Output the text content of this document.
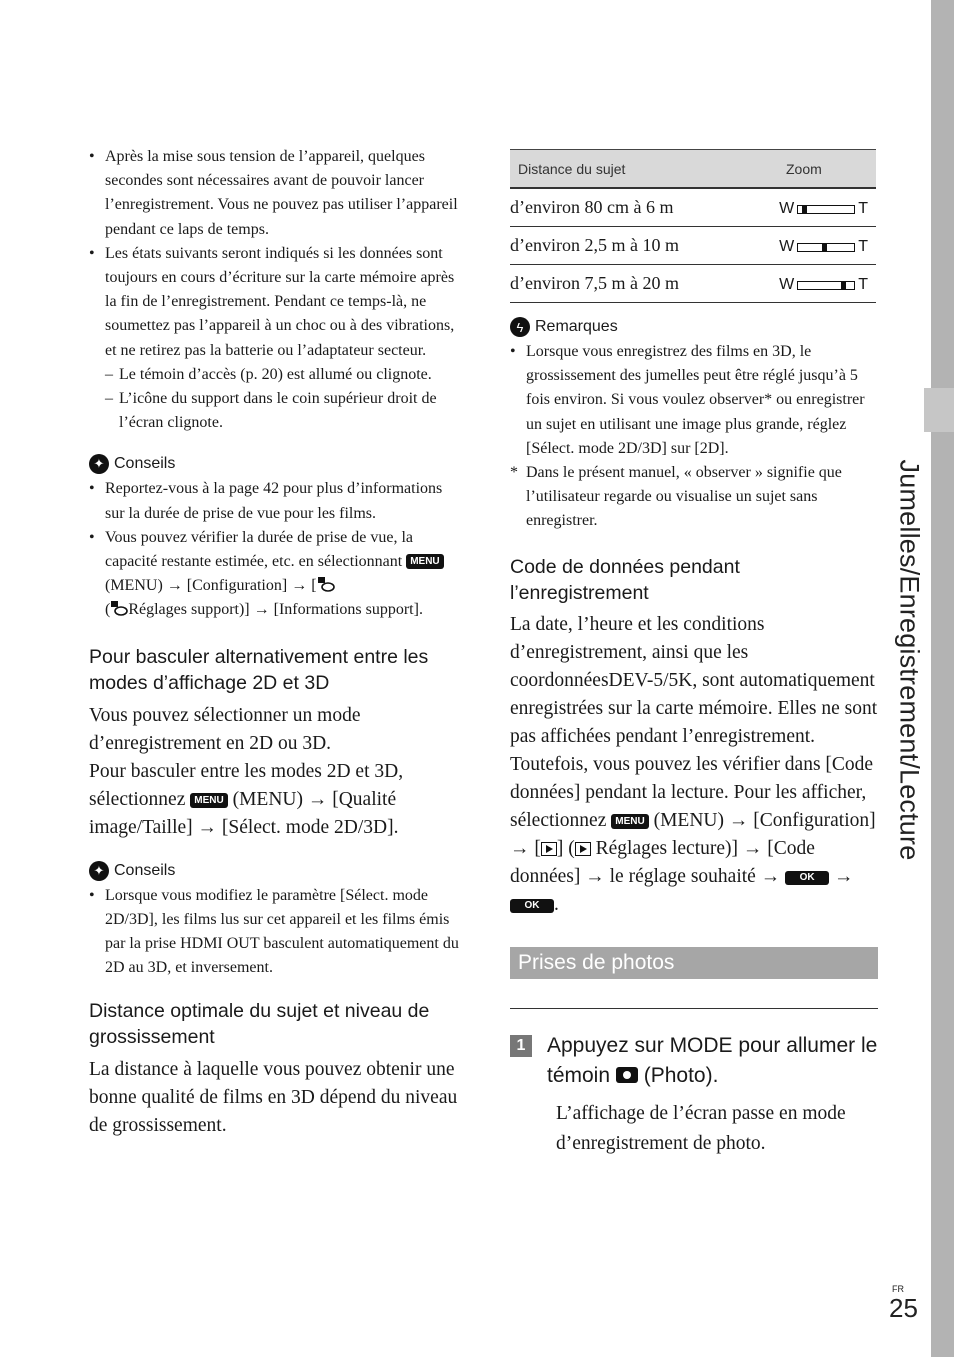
Jumelles/Enregistrement/Lecture
• Après la mise sous tension de l’appareil, quelques secondes sont nécessaires avant de pouvoir lancer l’enregistrement. Vous ne pouvez pas utiliser l’appareil pendant ce laps de temps.
• Les états suivants seront indiqués si les données sont toujours en cours d’écriture sur la carte mémoire après la fin de l’enregistrement. Pendant ce temps-là, ne soumettez pas l’appareil à un choc ou à des vibrations, et ne retirez pas la batterie ou l’adaptateur secteur.
– Le témoin d’accès (p. 20) est allumé ou clignote.
– L’icône du support dans le coin supérieur droit de l’écran clignote.
✦ Conseils
• Reportez-vous à la page 42 pour plus d’informations sur la durée de prise de vue pour les films.
• Vous pouvez vérifier la durée de prise de vue, la capacité restante estimée, etc. en sélectionnant MENU (MENU) → [Configuration] → [
( Réglages support)] → [Informations support].
Pour basculer alternativement entre les modes d’affichage 2D et 3D

Vous pouvez sélectionner un mode d’enregistrement en 2D ou 3D.

Pour basculer entre les modes 2D et 3D, sélectionnez MENU (MENU) → [Qualité image/Taille] → [Sélect. mode 2D/3D].

✦ Conseils
• Lorsque vous modifiez le paramètre [Sélect. mode 2D/3D], les films lus sur cet appareil et les films émis par la prise HDMI OUT basculent automatiquement du 2D au 3D, et inversement.
Distance optimale du sujet et niveau de grossissement

La distance à laquelle vous pouvez obtenir une bonne qualité de films en 3D dépend du niveau de grossissement.

Distance du sujet	Zoom
d’environ 80 cm à 6 m	W T

d’environ 2,5 m à 10 m	W T

d’environ 7,5 m à 20 m	W T
ϟ Remarques
• Lorsque vous enregistrez des films en 3D, le grossissement des jumelles peut être réglé jusqu’à 5 fois environ. Si vous voulez observer* ou enregistrer un sujet en utilisant une image plus grande, réglez [Sélect. mode 2D/3D] sur [2D].
* Dans le présent manuel, « observer » signifie que l’utilisateur regarde ou visualise un sujet sans enregistrer.
Code de données pendant l’enregistrement

La date, l’heure et les conditions d’enregistrement, ainsi que les coordonnéesDEV-5/5K, sont automatiquement enregistrées sur la carte mémoire. Elles ne sont pas affichées pendant l’enregistrement. Toutefois, vous pouvez les vérifier dans [Code données] pendant la lecture. Pour les afficher, sélectionnez MENU (MENU) → [Configuration] → [ ] ( Réglages lecture)] → [Code données] → le réglage souhaité → OK → OK .

Prises de photos
1	Appuyez sur MODE pour allumer le témoin (Photo).

L’affichage de l’écran passe en mode d’enregistrement de photo.

FR
25
